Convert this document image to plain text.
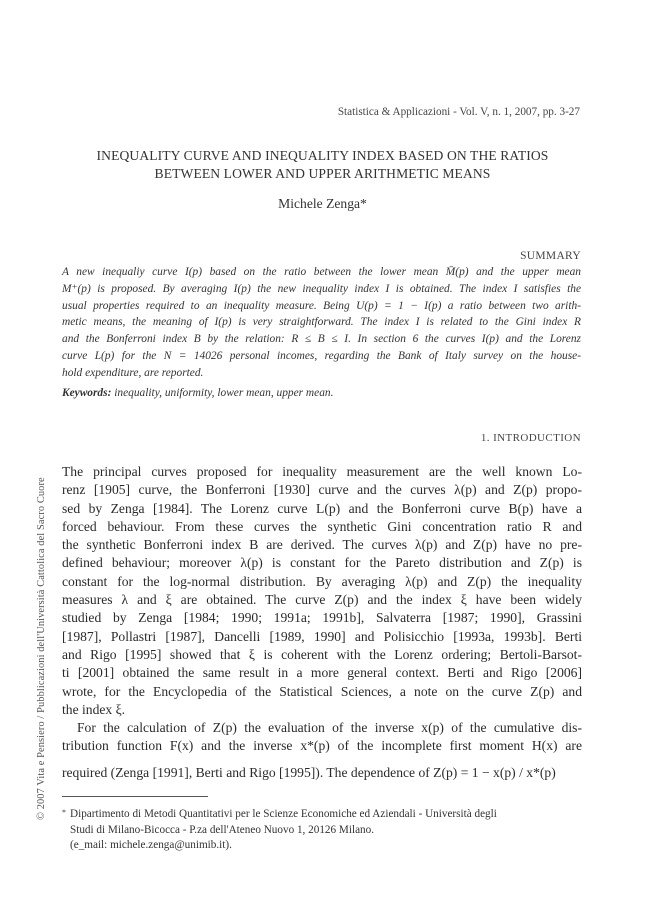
Statistica & Applicazioni - Vol. V, n. 1, 2007, pp. 3-27
INEQUALITY CURVE AND INEQUALITY INDEX BASED ON THE RATIOS
BETWEEN LOWER AND UPPER ARITHMETIC MEANS
Michele Zenga*
SUMMARY
A new inequaliy curve I(p) based on the ratio between the lower mean M̄(p) and the upper mean
M⁺(p) is proposed. By averaging I(p) the new inequality index I is obtained. The index I satisfies the
usual properties required to an inequality measure. Being U(p) = 1 − I(p) a ratio between two arith-
metic means, the meaning of I(p) is very straightforward. The index I is related to the Gini index R
and the Bonferroni index B by the relation: R ≤ B ≤ I. In section 6 the curves I(p) and the Lorenz
curve L(p) for the N = 14026 personal incomes, regarding the Bank of Italy survey on the house-
hold expenditure, are reported.
Keywords: inequality, uniformity, lower mean, upper mean.
1. INTRODUCTION
The principal curves proposed for inequality measurement are the well known Lo-
renz [1905] curve, the Bonferroni [1930] curve and the curves λ(p) and Z(p) propo-
sed by Zenga [1984]. The Lorenz curve L(p) and the Bonferroni curve B(p) have a
forced behaviour. From these curves the synthetic Gini concentration ratio R and
the synthetic Bonferroni index B are derived. The curves λ(p) and Z(p) have no pre-
defined behaviour; moreover λ(p) is constant for the Pareto distribution and Z(p) is
constant for the log-normal distribution. By averaging λ(p) and Z(p) the inequality
measures λ and ξ are obtained. The curve Z(p) and the index ξ have been widely
studied by Zenga [1984; 1990; 1991a; 1991b], Salvaterra [1987; 1990], Grassini
[1987], Pollastri [1987], Dancelli [1989, 1990] and Polisicchio [1993a, 1993b]. Berti
and Rigo [1995] showed that ξ is coherent with the Lorenz ordering; Bertoli-Barsot-
ti [2001] obtained the same result in a more general context. Berti and Rigo [2006]
wrote, for the Encyclopedia of the Statistical Sciences, a note on the curve Z(p) and
the index ξ.
For the calculation of Z(p) the evaluation of the inverse x(p) of the cumulative dis-
tribution function F(x) and the inverse x*(p) of the incomplete first moment H(x) are
required (Zenga [1991], Berti and Rigo [1995]). The dependence of Z(p) = 1 − x(p) / x*(p)
* Dipartimento di Metodi Quantitativi per le Scienze Economiche ed Aziendali - Università degli
Studi di Milano-Bicocca - P.za dell'Ateneo Nuovo 1, 20126 Milano.
(e_mail: michele.zenga@unimib.it).
© 2007 Vita e Pensiero / Pubblicazioni dell'Università Cattolica del Sacro Cuore
